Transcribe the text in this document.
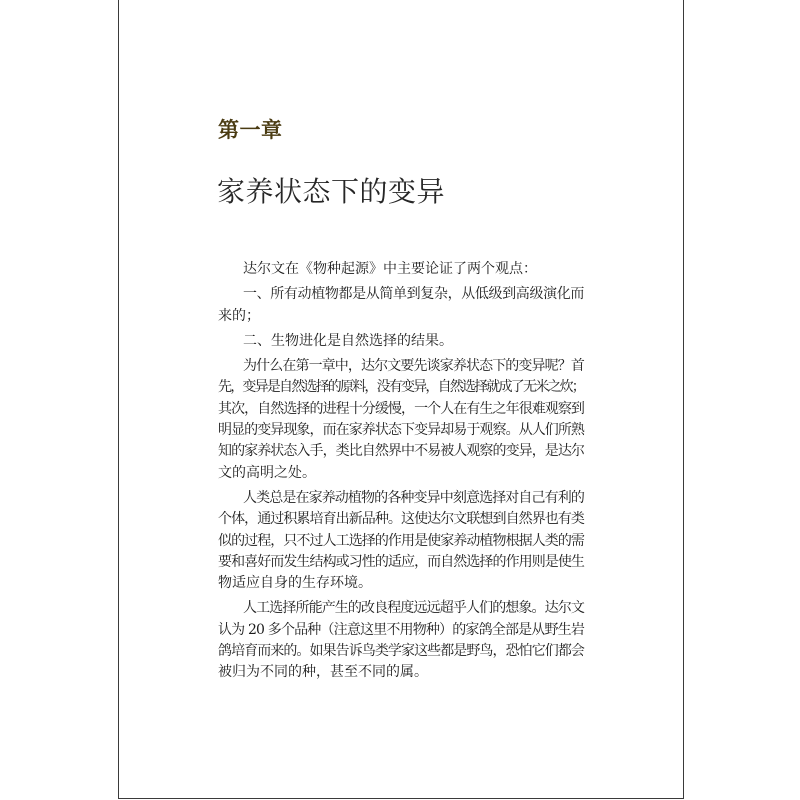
第一章
家养状态下的变异
达尔文在《物种起源》中主要论证了两个观点：
一、所有动植物都是从简单到复杂，从低级到高级演化而
来的；
二、生物进化是自然选择的结果。
为什么在第一章中，达尔文要先谈家养状态下的变异呢？首
先，变异是自然选择的原料，没有变异，自然选择就成了无米之炊；
其次，自然选择的进程十分缓慢，一个人在有生之年很难观察到
明显的变异现象，而在家养状态下变异却易于观察。从人们所熟
知的家养状态入手，类比自然界中不易被人观察的变异，是达尔
文的高明之处。
人类总是在家养动植物的各种变异中刻意选择对自己有利的
个体，通过积累培育出新品种。这使达尔文联想到自然界也有类
似的过程，只不过人工选择的作用是使家养动植物根据人类的需
要和喜好而发生结构或习性的适应，而自然选择的作用则是使生
物适应自身的生存环境。
人工选择所能产生的改良程度远远超乎人们的想象。达尔文
认为 20 多个品种（注意这里不用物种）的家鸽全部是从野生岩
鸽培育而来的。如果告诉鸟类学家这些都是野鸟，恐怕它们都会
被归为不同的种，甚至不同的属。
